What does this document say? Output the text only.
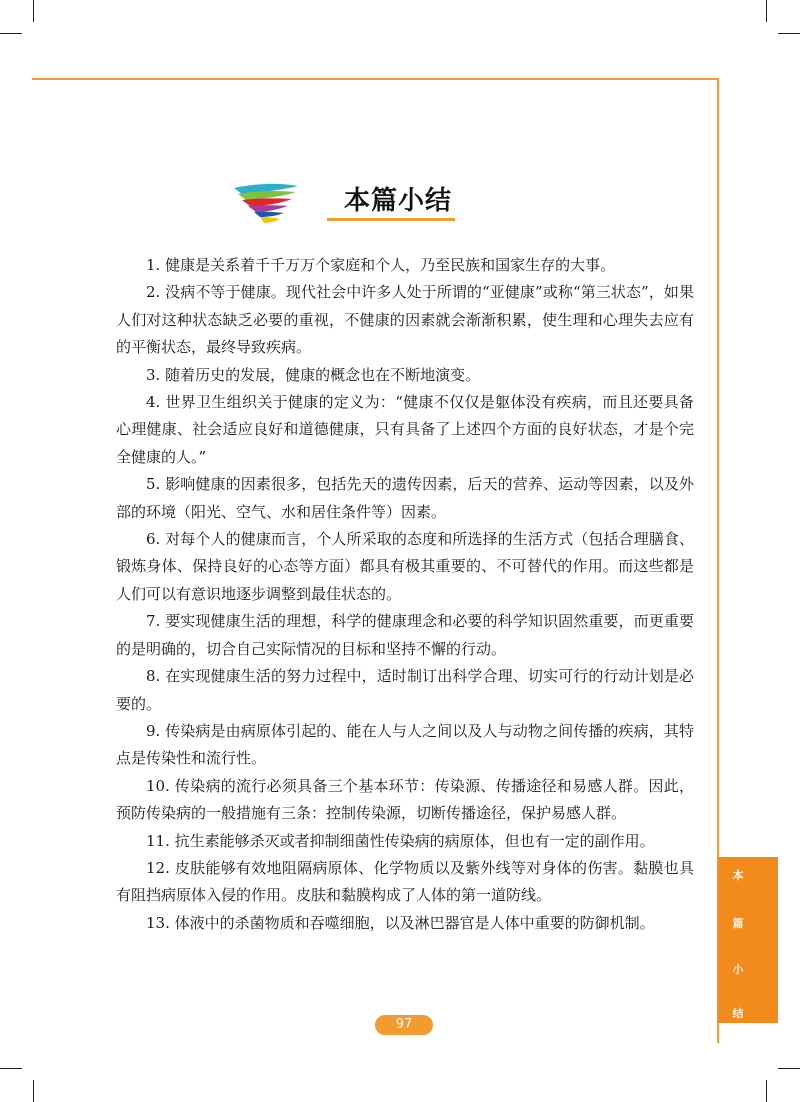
本篇小结

1. 健康是关系着千千万万个家庭和个人，乃至民族和国家生存的大事。

2. 没病不等于健康。现代社会中许多人处于所谓的“亚健康”或称“第三状态”，如果人们对这种状态缺乏必要的重视，不健康的因素就会渐渐积累，使生理和心理失去应有的平衡状态，最终导致疾病。

3. 随着历史的发展，健康的概念也在不断地演变。

4. 世界卫生组织关于健康的定义为：“健康不仅仅是躯体没有疾病，而且还要具备心理健康、社会适应良好和道德健康，只有具备了上述四个方面的良好状态，才是个完全健康的人。”

5. 影响健康的因素很多，包括先天的遗传因素，后天的营养、运动等因素，以及外部的环境（阳光、空气、水和居住条件等）因素。

6. 对每个人的健康而言，个人所采取的态度和所选择的生活方式（包括合理膳食、锻炼身体、保持良好的心态等方面）都具有极其重要的、不可替代的作用。而这些都是人们可以有意识地逐步调整到最佳状态的。

7. 要实现健康生活的理想，科学的健康理念和必要的科学知识固然重要，而更重要的是明确的，切合自己实际情况的目标和坚持不懈的行动。

8. 在实现健康生活的努力过程中，适时制订出科学合理、切实可行的行动计划是必要的。

9. 传染病是由病原体引起的、能在人与人之间以及人与动物之间传播的疾病，其特点是传染性和流行性。

10. 传染病的流行必须具备三个基本环节：传染源、传播途径和易感人群。因此，预防传染病的一般措施有三条：控制传染源，切断传播途径，保护易感人群。

11. 抗生素能够杀灭或者抑制细菌性传染病的病原体，但也有一定的副作用。

12. 皮肤能够有效地阻隔病原体、化学物质以及紫外线等对身体的伤害。黏膜也具有阻挡病原体入侵的作用。皮肤和黏膜构成了人体的第一道防线。

13. 体液中的杀菌物质和吞噬细胞，以及淋巴器官是人体中重要的防御机制。

本
篇
小
结
97
